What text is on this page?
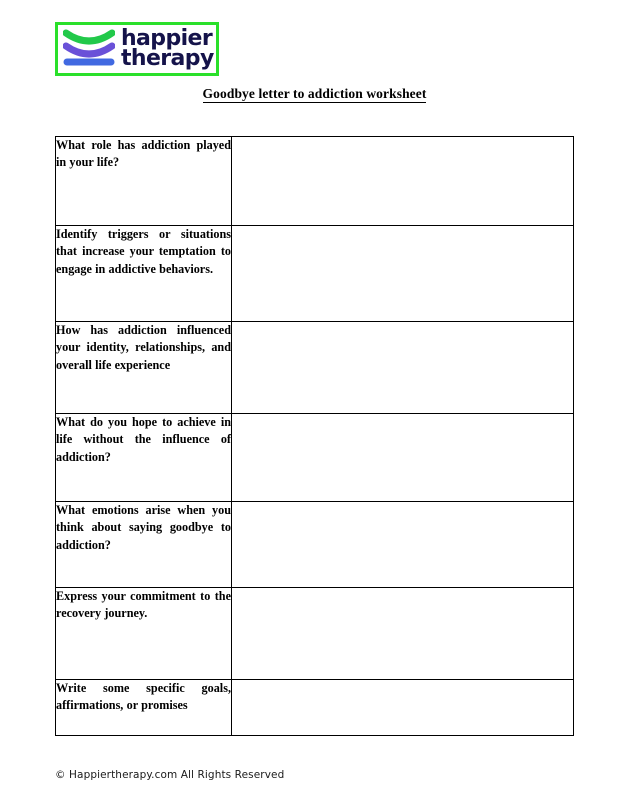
happier
therapy
Goodbye letter to addiction worksheet
What role has addiction played in your life?	

Identify triggers or situations that increase your temptation to engage in addictive behaviors.	

How has addiction influenced your identity, relationships, and overall life experience	

What do you hope to achieve in life without the influence of addiction?	

What emotions arise when you think about saying goodbye to addiction?	

Express your commitment to the recovery journey.	

Write some specific goals, affirmations, or promises	

© Happiertherapy.com All Rights Reserved
